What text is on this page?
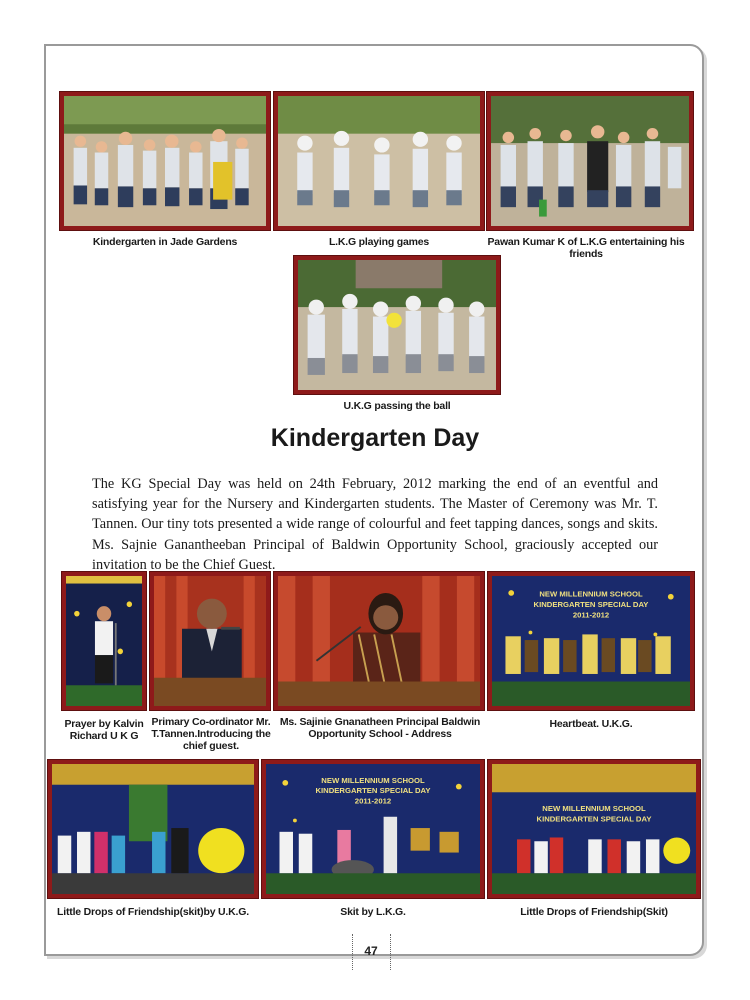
Kindergarten in Jade Gardens	L.K.G playing games	Pawan Kumar K of L.K.G entertaining his friends
U.K.G passing the ball
Kindergarten Day

The KG Special Day was held on 24th February, 2012 marking the end of an eventful and satisfying year for the Nursery and Kindergarten students. The Master of Ceremony was Mr. T. Tannen. Our tiny tots presented a wide range of colourful and feet tapping dances, songs and skits. Ms. Sajnie Ganantheeban Principal of Baldwin Opportunity School, graciously accepted our invitation to be the Chief Guest.

NEW MILLENNIUM SCHOOL
KINDERGARTEN SPECIAL DAY
2011-2012
Prayer by Kalvin Richard U K G
Primary Co-ordinator Mr. T.Tannen.Introducing the chief guest.
Ms. Sajinie Gnanatheen Principal Baldwin Opportunity School - Address
Heartbeat. U.K.G.
NEW MILLENNIUM SCHOOL
KINDERGARTEN SPECIAL DAY
2011-2012
NEW MILLENNIUM SCHOOL
KINDERGARTEN SPECIAL DAY
Little Drops of Friendship(skit)by U.K.G.	Skit by L.K.G.	Little Drops of Friendship(Skit)
47
